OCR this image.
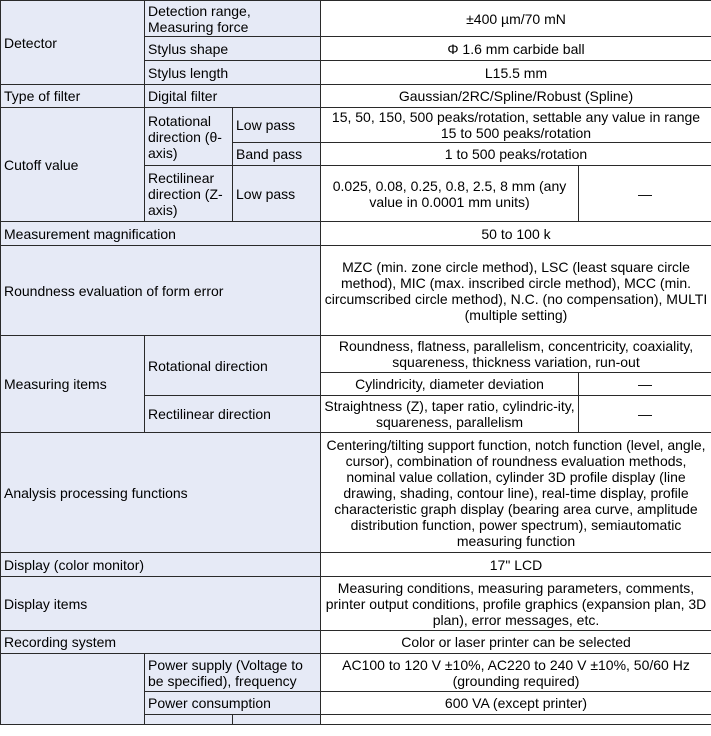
Detector	Detection range, Measuring force		±400 µm/70 mN	
	Stylus shape		Φ 1.6 mm carbide ball	
	Stylus length		L15.5 mm	
Type of filter	Digital filter		Gaussian/2RC/Spline/Robust (Spline)	
Cutoff value	Rotational direction (θ-axis)	Low pass	15, 50, 150, 500 peaks/rotation, settable any value in range 15 to 500 peaks/rotation	
		Band pass	1 to 500 peaks/rotation	
	Rectilinear direction (Z-axis)	Low pass	0.025, 0.08, 0.25, 0.8, 2.5, 8 mm (any value in 0.0001 mm units)	—
Measurement magnification			50 to 100 k	
Roundness evaluation of form error			MZC (min. zone circle method), LSC (least square circle method), MIC (max. inscribed circle method), MCC (min. circumscribed circle method), N.C. (no compensation), MULTI (multiple setting)	
Measuring items	Rotational direction		Roundness, flatness, parallelism, concentricity, coaxiality, squareness, thickness variation, run-out	
			Cylindricity, diameter deviation	—
	Rectilinear direction		Straightness (Z), taper ratio, cylindric-ity, squareness, parallelism	—
Analysis processing functions			Centering/tilting support function, notch function (level, angle, cursor), combination of roundness evaluation methods, nominal value collation, cylinder 3D profile display (line drawing, shading, contour line), real-time display, profile characteristic graph display (bearing area curve, amplitude distribution function, power spectrum), semiautomatic measuring function	
Display (color monitor)			17" LCD	
Display items			Measuring conditions, measuring parameters, comments, printer output conditions, profile graphics (expansion plan, 3D plan), error messages, etc.	
Recording system			Color or laser printer can be selected	
	Power supply (Voltage to be specified), frequency		AC100 to 120 V ±10%, AC220 to 240 V ±10%, 50/60 Hz (grounding required)	
	Power consumption		600 VA (except printer)	
